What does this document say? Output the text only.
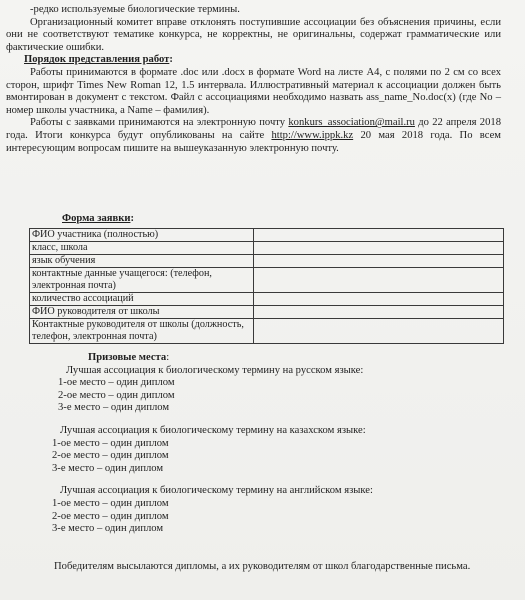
-редко используемые биологические термины.

Организационный комитет вправе отклонять поступившие ассоциации без объяснения причины, если они не соответствуют тематике конкурса, не корректны, не оригинальны, содержат грамматические или фактические ошибки.

Порядок представления работ:

Работы принимаются в формате .doc или .docx в формате Word на листе А4, с полями по 2 см со всех сторон, шрифт Times New Roman 12, 1.5 интервала. Иллюстративный материал к ассоциации должен быть вмонтирован в документ с текстом. Файл с ассоциациями необходимо назвать ass_name_No.doc(x) (где No – номер школы участника, а Name – фамилия).

Работы с заявками принимаются на электронную почту konkurs_association@mail.ru до 22 апреля 2018 года. Итоги конкурса будут опубликованы на сайте http://www.ippk.kz 20 мая 2018 года. По всем интересующим вопросам пишите на вышеуказанную электронную почту.

Форма заявки:
ФИО участника (полностью)	
класс, школа	
язык обучения	
контактные данные учащегося: (телефон, электронная почта)	
количество ассоциаций	
ФИО руководителя от школы	
Контактные руководителя от школы (должность, телефон, электронная почта)	

Призовые места:

Лучшая ассоциация к биологическому термину на русском языке:

1-ое место – один диплом

2-ое место – один диплом

3-е место – один диплом

Лучшая ассоциация к биологическому термину на казахском языке:

1-ое место – один диплом

2-ое место – один диплом

3-е место – один диплом

Лучшая ассоциация к биологическому термину на английском языке:

1-ое место – один диплом

2-ое место – один диплом

3-е место – один диплом

Победителям высылаются дипломы, а их руководителям от школ благодарственные письма.
